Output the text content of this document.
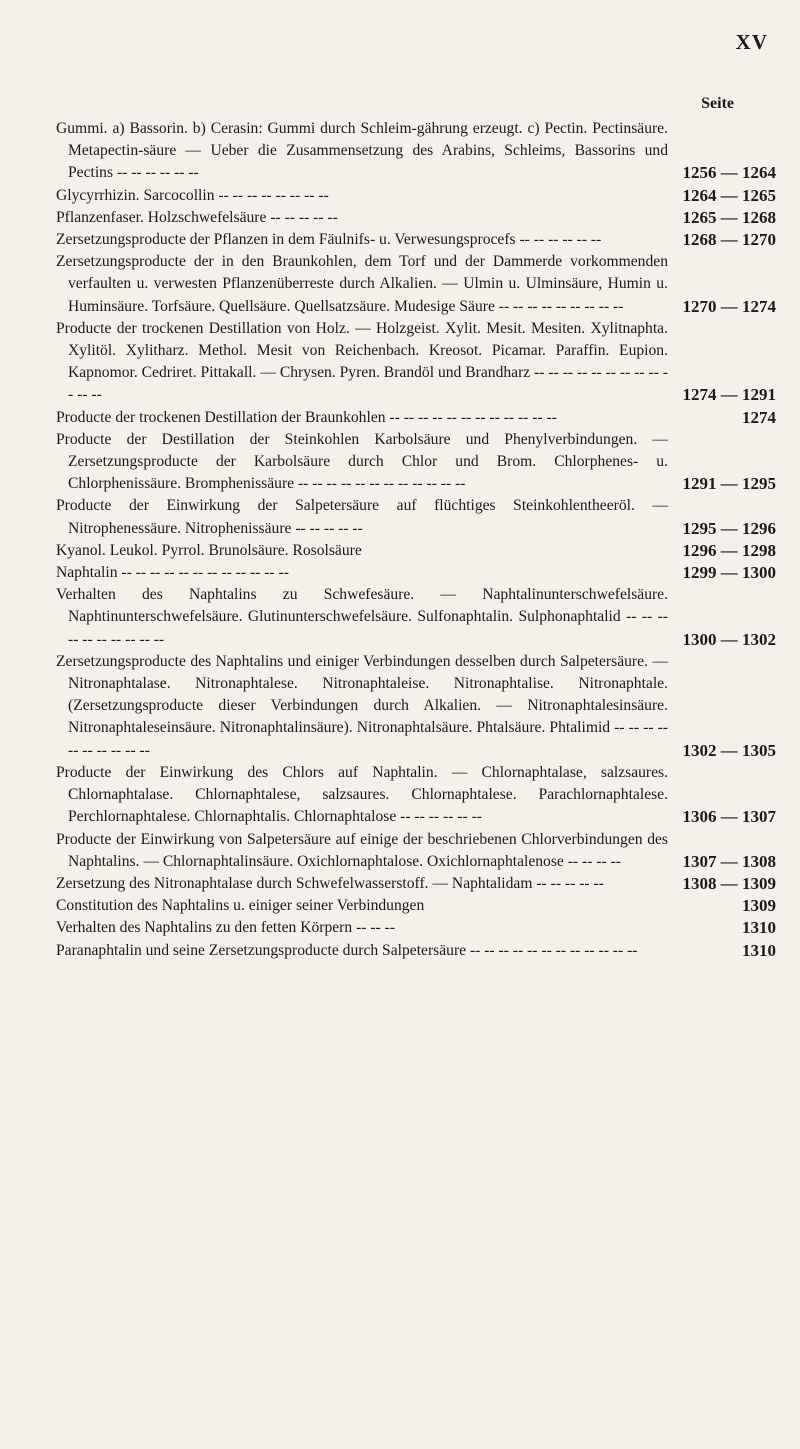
XV
Seite
Gummi. a) Bassorin. b) Cerasin: Gummi durch Schleim-gährung erzeugt. c) Pectin. Pectinsäure. Metapectin-säure — Ueber die Zusammensetzung des Arabins, Schleims, Bassorins und Pectins -- -- -- -- -- --	1256 — 1264
Glycyrrhizin. Sarcocollin -- -- -- -- -- -- -- --	1264 — 1265
Pflanzenfaser. Holzschwefelsäure -- -- -- -- --	1265 — 1268
Zersetzungsproducte der Pflanzen in dem Fäulnifs- u. Verwesungsprocefs -- -- -- -- -- --	1268 — 1270
Zersetzungsproducte der in den Braunkohlen, dem Torf und der Dammerde vorkommenden verfaulten u. verwesten Pflanzenüberreste durch Alkalien. — Ulmin u. Ulminsäure, Humin u. Huminsäure. Torfsäure. Quellsäure. Quellsatzsäure. Mudesige Säure -- -- -- -- -- -- -- -- --	1270 — 1274
Producte der trockenen Destillation von Holz. — Holzgeist. Xylit. Mesit. Mesiten. Xylitnaphta. Xylitöl. Xylitharz. Methol. Mesit von Reichenbach. Kreosot. Picamar. Paraffin. Eupion. Kapnomor. Cedriret. Pittakall. — Chrysen. Pyren. Brandöl und Brandharz -- -- -- -- -- -- -- -- -- -- -- --	1274 — 1291
Producte der trockenen Destillation der Braunkohlen -- -- -- -- -- -- -- -- -- -- -- --	1274
Producte der Destillation der Steinkohlen Karbolsäure und Phenylverbindungen. — Zersetzungsproducte der Karbolsäure durch Chlor und Brom. Chlorphenes- u. Chlorphenissäure. Bromphenissäure -- -- -- -- -- -- -- -- -- -- -- --	1291 — 1295
Producte der Einwirkung der Salpetersäure auf flüchtiges Steinkohlentheeröl. — Nitrophenessäure. Nitrophenissäure -- -- -- -- --	1295 — 1296
Kyanol. Leukol. Pyrrol. Brunolsäure. Rosolsäure	1296 — 1298
Naphtalin -- -- -- -- -- -- -- -- -- -- -- --	1299 — 1300
Verhalten des Naphtalins zu Schwefesäure. — Naphtalinunterschwefelsäure. Naphtinunterschwefelsäure. Glutinunterschwefelsäure. Sulfonaphtalin. Sulphonaphtalid -- -- -- -- -- -- -- -- -- --	1300 — 1302
Zersetzungsproducte des Naphtalins und einiger Verbindungen desselben durch Salpetersäure. — Nitronaphtalase. Nitronaphtalese. Nitronaphtaleise. Nitronaphtalise. Nitronaphtale. (Zersetzungsproducte dieser Verbindungen durch Alkalien. — Nitronaphtalesinsäure. Nitronaphtaleseinsäure. Nitronaphtalinsäure). Nitronaphtalsäure. Phtalsäure. Phtalimid -- -- -- -- -- -- -- -- -- --	1302 — 1305
Producte der Einwirkung des Chlors auf Naphtalin. — Chlornaphtalase, salzsaures. Chlornaphtalase. Chlornaphtalese, salzsaures. Chlornaphtalese. Parachlornaphtalese. Perchlornaphtalese. Chlornaphtalis. Chlornaphtalose -- -- -- -- -- --	1306 — 1307
Producte der Einwirkung von Salpetersäure auf einige der beschriebenen Chlorverbindungen des Naphtalins. — Chlornaphtalinsäure. Oxichlornaphtalose. Oxichlornaphtalenose -- -- -- --	1307 — 1308
Zersetzung des Nitronaphtalase durch Schwefelwasserstoff. — Naphtalidam -- -- -- -- --	1308 — 1309
Constitution des Naphtalins u. einiger seiner Verbindungen	1309
Verhalten des Naphtalins zu den fetten Körpern -- -- --	1310
Paranaphtalin und seine Zersetzungsproducte durch Salpetersäure -- -- -- -- -- -- -- -- -- -- -- --	1310
